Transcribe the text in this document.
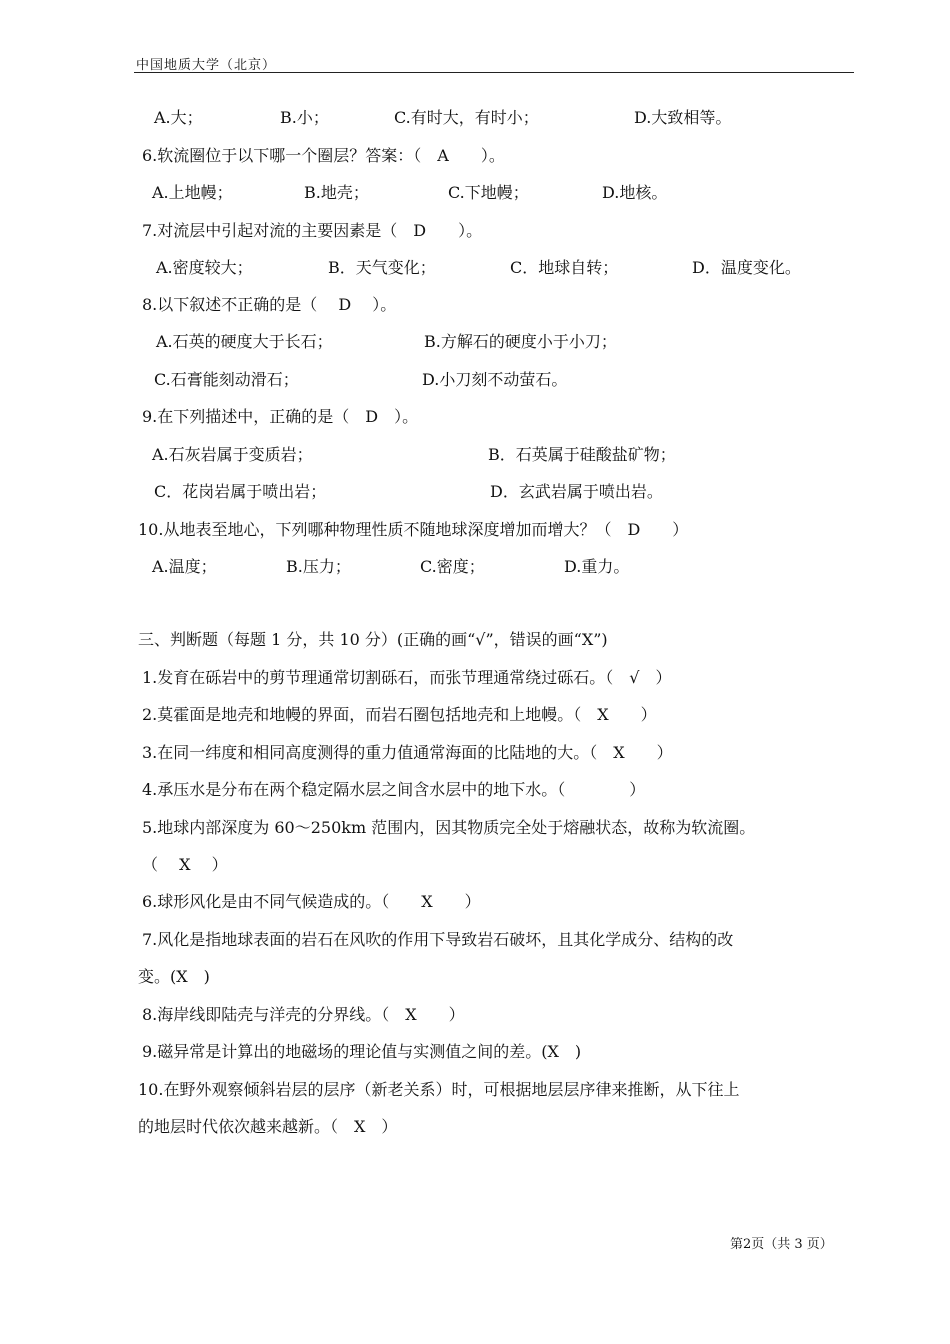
中国地质大学（北京）
A.大；	B.小；	C.有时大，有时小；	D.大致相等。
6.软流圈位于以下哪一个圈层？答案：（　A　　）。
A.上地幔；	B.地壳；	C.下地幔；	D.地核。
7.对流层中引起对流的主要因素是（　D　　）。
A.密度较大；	B．天气变化；	C．地球自转；	D．温度变化。
8.以下叙述不正确的是（　 D　 ）。
A.石英的硬度大于长石；	B.方解石的硬度小于小刀；
C.石膏能刻动滑石；	D.小刀刻不动萤石。
9.在下列描述中，正确的是（　D　）。
A.石灰岩属于变质岩；	B．石英属于硅酸盐矿物；
C．花岗岩属于喷出岩；	D．玄武岩属于喷出岩。
10.从地表至地心，下列哪种物理性质不随地球深度增加而增大？（　D　　）
A.温度；	B.压力；	C.密度；	D.重力。
三、判断题（每题 1 分，共 10 分）(正确的画“√”，错误的画“X”)
1.发育在砾岩中的剪节理通常切割砾石，而张节理通常绕过砾石。（　√　）
2.莫霍面是地壳和地幔的界面，而岩石圈包括地壳和上地幔。（　X　　）
3.在同一纬度和相同高度测得的重力值通常海面的比陆地的大。（　X　　）
4.承压水是分布在两个稳定隔水层之间含水层中的地下水。（　　　　）
5.地球内部深度为 60～250km 范围内，因其物质完全处于熔融状态，故称为软流圈。
（　 X　 ）
6.球形风化是由不同气候造成的。（　　X　　）
7.风化是指地球表面的岩石在风吹的作用下导致岩石破坏，且其化学成分、结构的改
变。(X　)
8.海岸线即陆壳与洋壳的分界线。（　X　　）
9.磁异常是计算出的地磁场的理论值与实测值之间的差。(X　)
10.在野外观察倾斜岩层的层序（新老关系）时，可根据地层层序律来推断，从下往上
的地层时代依次越来越新。（　X　）
第2页（共 3 页）
